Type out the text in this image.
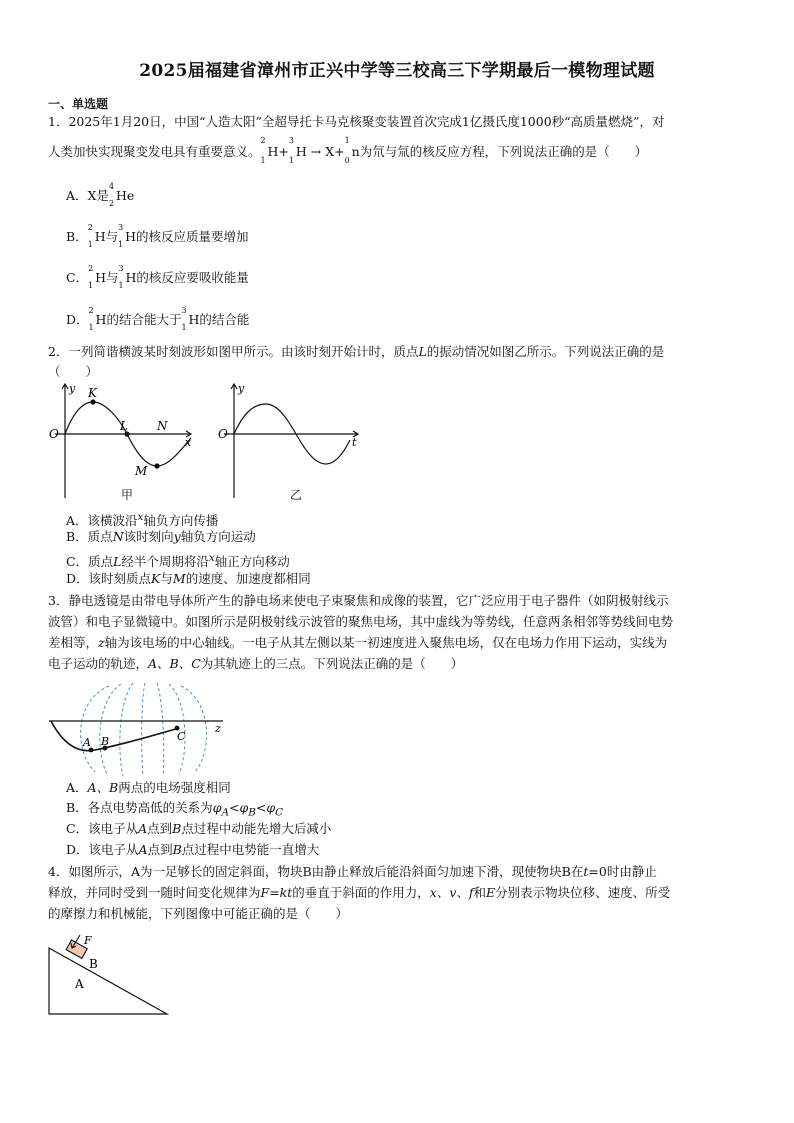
2025届福建省漳州市正兴中学等三校高三下学期最后一模物理试题
一、单选题
1．2025年1月20日，中国“人造太阳”全超导托卡马克核聚变装置首次完成1亿摄氏度1000秒“高质量燃烧”，对
人类加快实现聚变发电具有重要意义。
2
1
H+
3
1
H → X+
1
0
n为氘与氚的核反应方程，下列说法正确的是（　　）
A．X是
4
2
He
B．
2
1
H与
3
1
H的核反应质量要增加
C．
2
1
H与
3
1
H的核反应要吸收能量
D．
2
1
H的结合能大于
3
1
H的结合能
2．一列简谐横波某时刻波形如图甲所示。由该时刻开始计时，质点L的振动情况如图乙所示。下列说法正确的是
（　　）
y
O
K
L N
M
x
甲
y
O
t
乙
A．该横波沿$^x$轴负方向传播
B．质点N该时刻向y轴负方向运动
C．质点L经半个周期将沿$^x$轴正方向移动
D．该时刻质点K与M的速度、加速度都相同
3．静电透镜是由带电导体所产生的静电场来使电子束聚焦和成像的装置，它广泛应用于电子器件（如阴极射线示
波管）和电子显微镜中。如图所示是阴极射线示波管的聚焦电场，其中虚线为等势线，任意两条相邻等势线间电势
差相等，z轴为该电场的中心轴线。一电子从其左侧以某一初速度进入聚焦电场，仅在电场力作用下运动，实线为
电子运动的轨迹，A、B、C为其轨迹上的三点。下列说法正确的是（　　）
A B	C
z
A．A、B两点的电场强度相同
B．各点电势高低的关系为$\varphi_A<\varphi_B<\varphi_C$
C．该电子从A点到B点过程中动能先增大后减小
D．该电子从A点到B点过程中电势能一直增大
4．如图所示，A为一足够长的固定斜面，物块B由静止释放后能沿斜面匀加速下滑，现使物块B在t=0时由静止
释放，并同时受到一随时间变化规律为F=kt的垂直于斜面的作用力，x、v、f和E分别表示物块位移、速度、所受
的摩擦力和机械能，下列图像中可能正确的是（　　）
F
B
A
